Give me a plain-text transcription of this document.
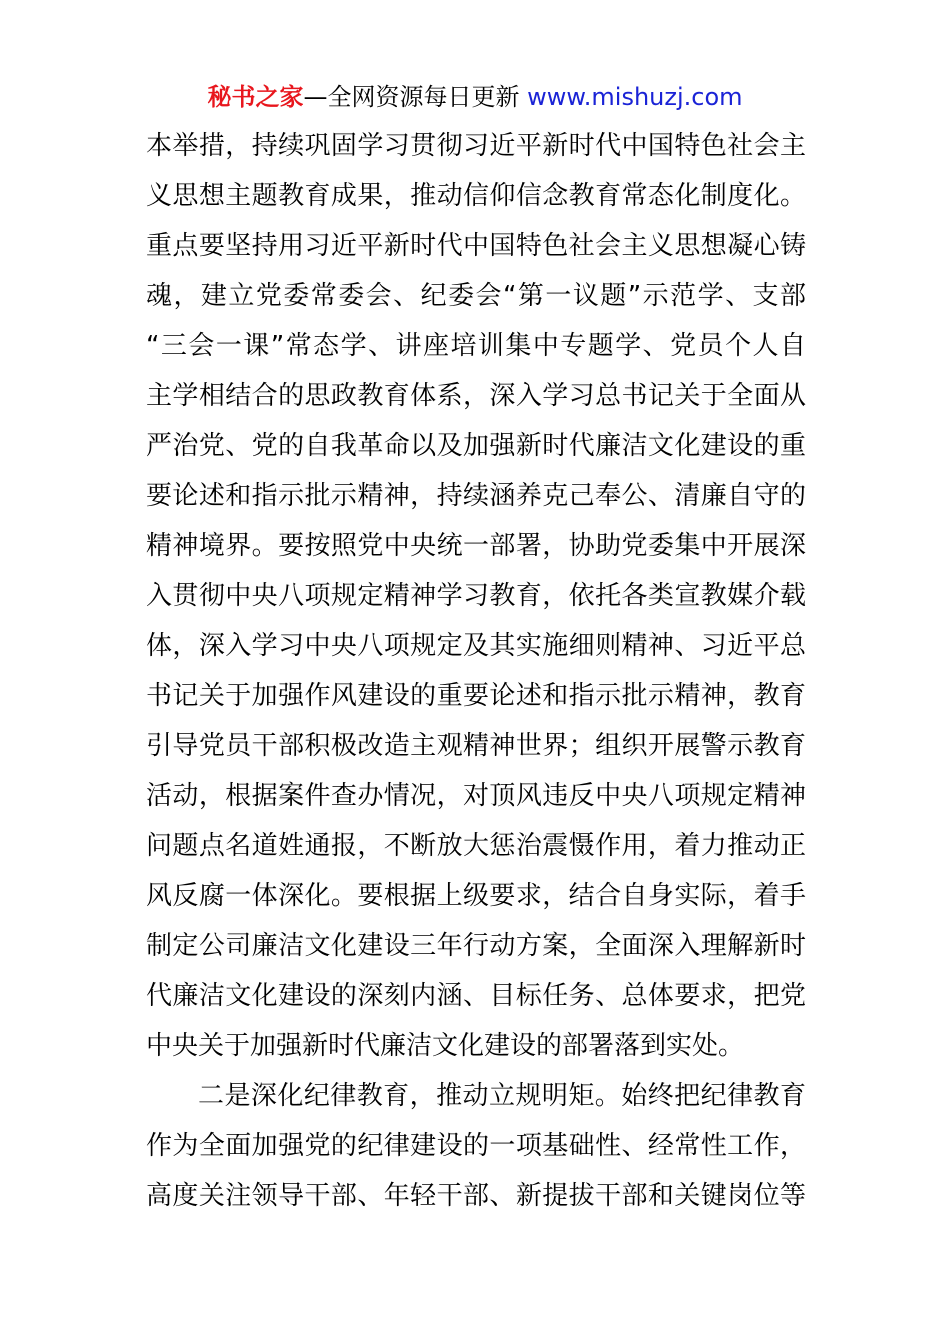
秘书之家—全网资源每日更新 www.mishuzj.com
本举措，持续巩固学习贯彻习近平新时代中国特色社会主
义思想主题教育成果，推动信仰信念教育常态化制度化。
重点要坚持用习近平新时代中国特色社会主义思想凝心铸
魂，建立党委常委会、纪委会“第一议题”示范学、支部
“三会一课”常态学、讲座培训集中专题学、党员个人自
主学相结合的思政教育体系，深入学习总书记关于全面从
严治党、党的自我革命以及加强新时代廉洁文化建设的重
要论述和指示批示精神，持续涵养克己奉公、清廉自守的
精神境界。要按照党中央统一部署，协助党委集中开展深
入贯彻中央八项规定精神学习教育，依托各类宣教媒介载
体，深入学习中央八项规定及其实施细则精神、习近平总
书记关于加强作风建设的重要论述和指示批示精神，教育
引导党员干部积极改造主观精神世界；组织开展警示教育
活动，根据案件查办情况，对顶风违反中央八项规定精神
问题点名道姓通报，不断放大惩治震慑作用，着力推动正
风反腐一体深化。要根据上级要求，结合自身实际，着手
制定公司廉洁文化建设三年行动方案，全面深入理解新时
代廉洁文化建设的深刻内涵、目标任务、总体要求，把党
中央关于加强新时代廉洁文化建设的部署落到实处。
二是深化纪律教育，推动立规明矩。始终把纪律教育
作为全面加强党的纪律建设的一项基础性、经常性工作，
高度关注领导干部、年轻干部、新提拔干部和关键岗位等
